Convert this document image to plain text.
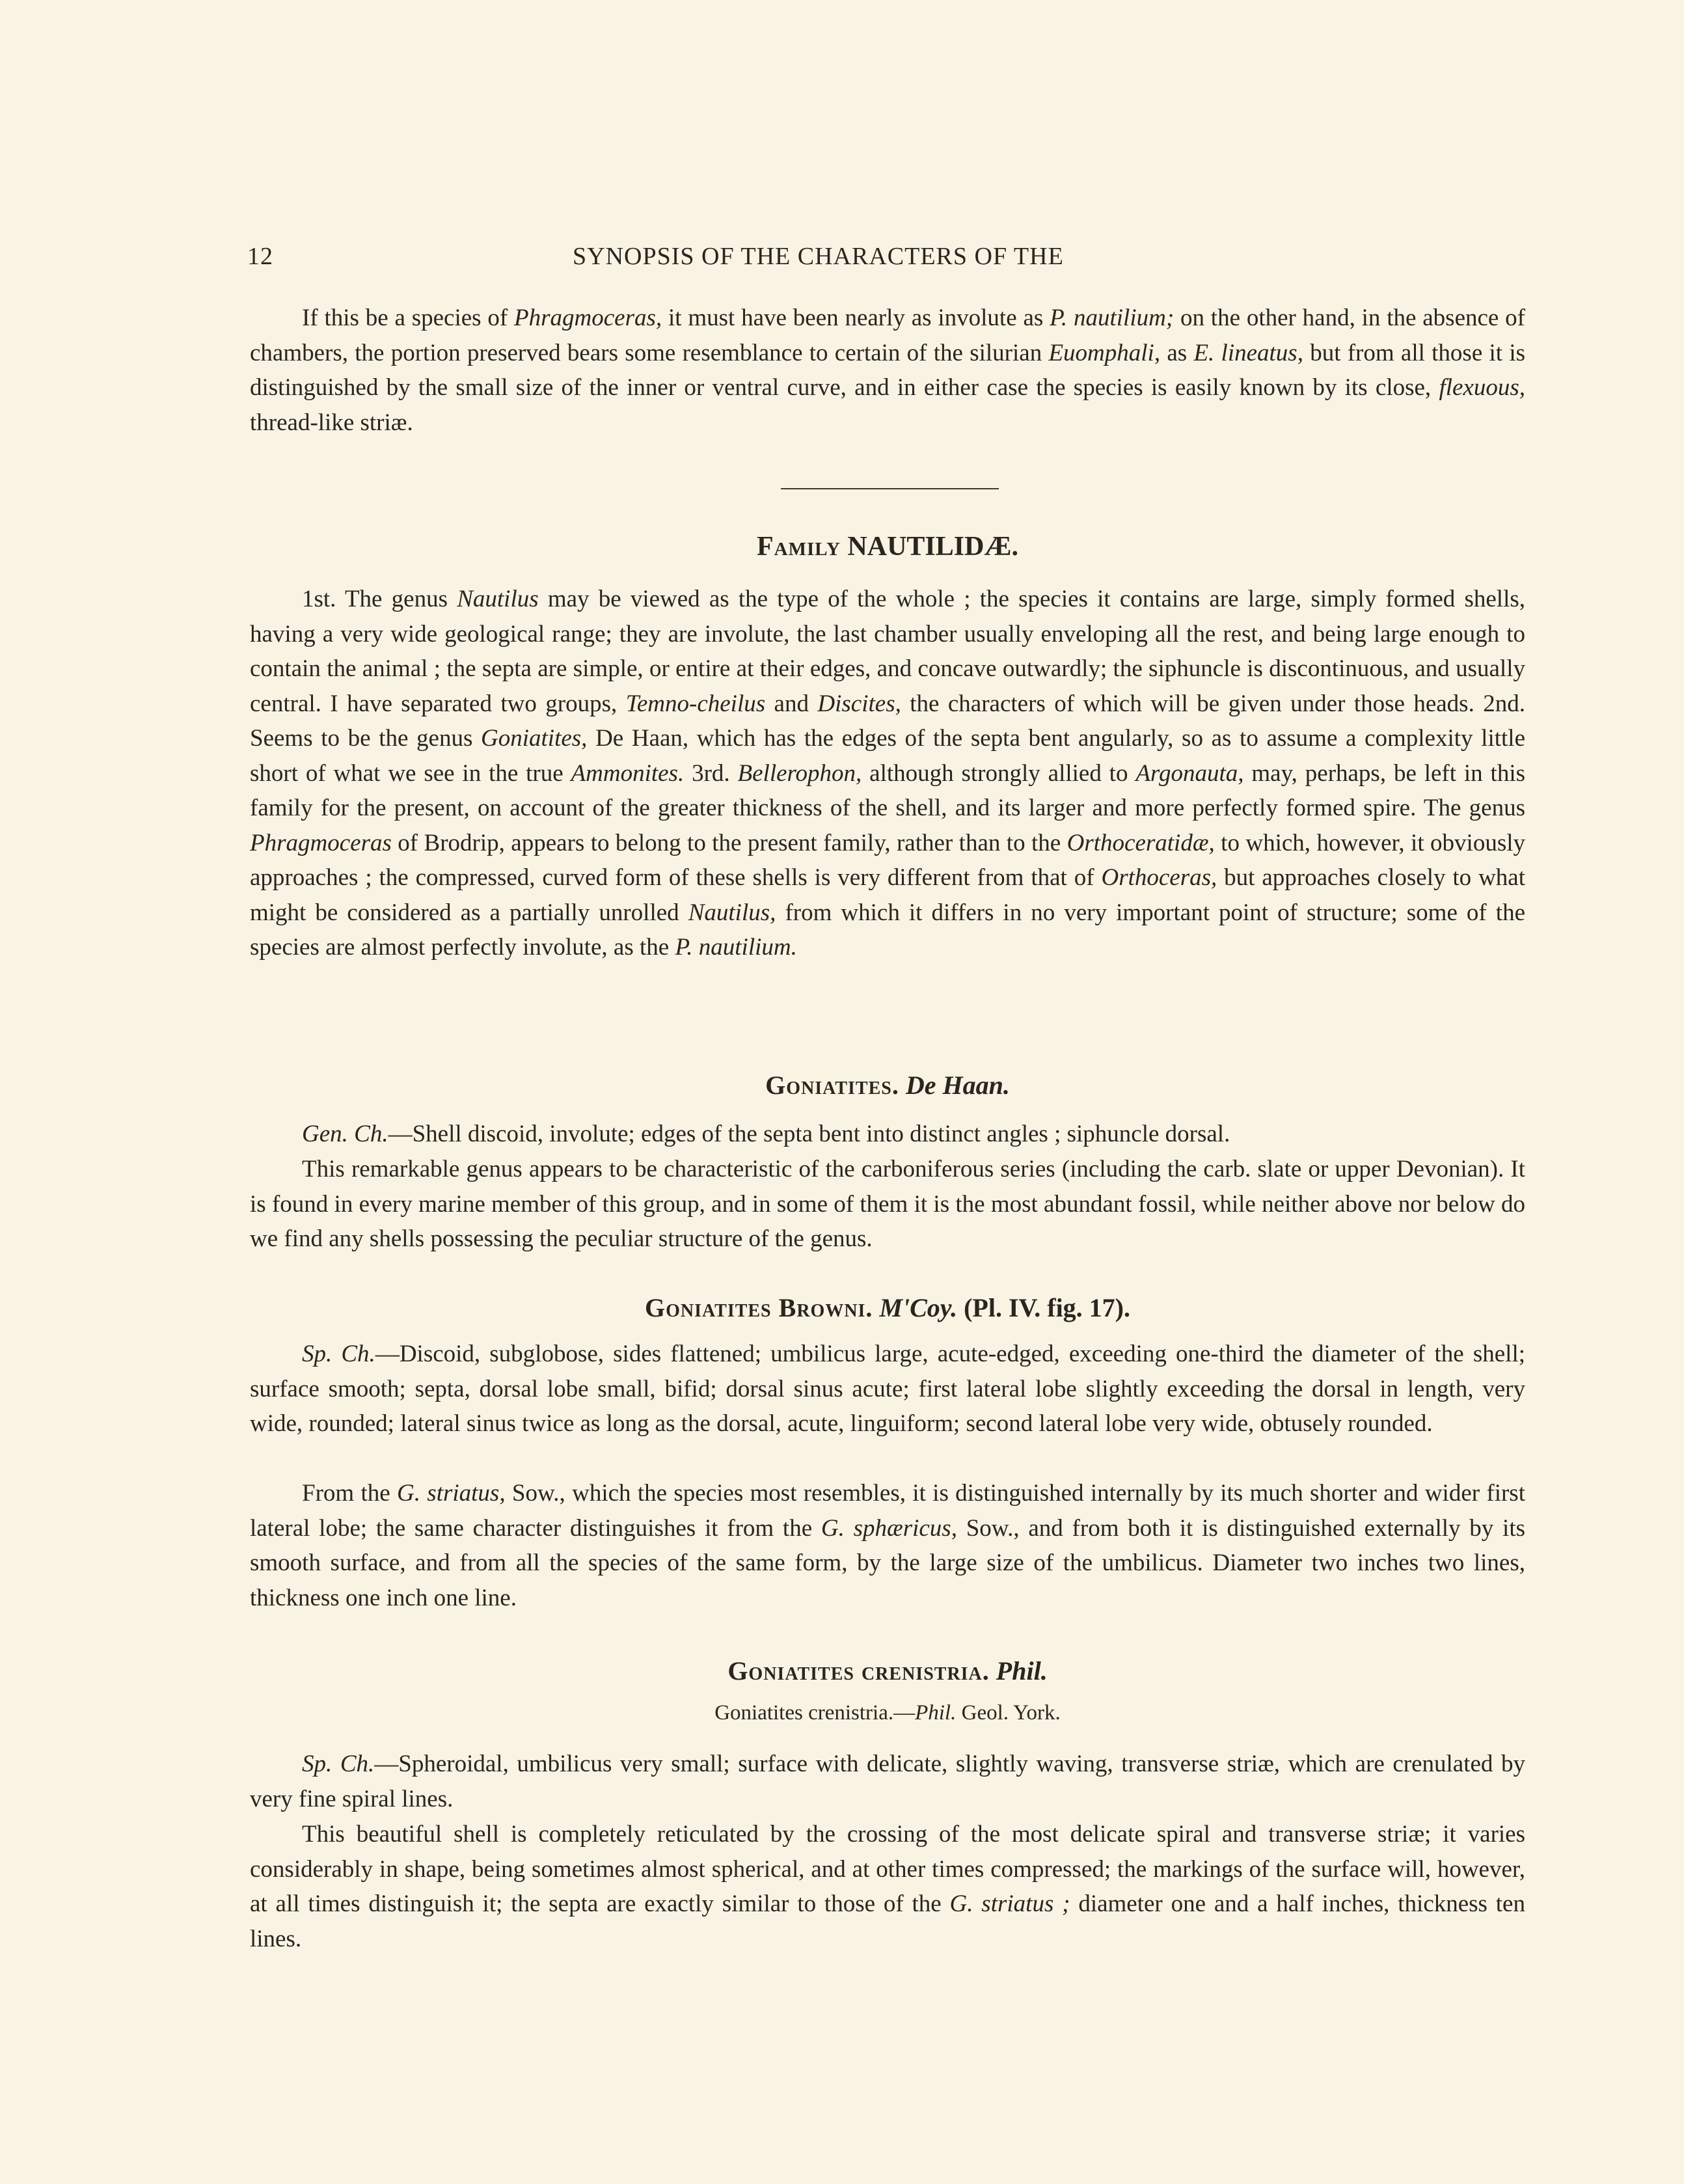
12	SYNOPSIS OF THE CHARACTERS OF THE

If this be a species of Phragmoceras, it must have been nearly as involute as P. nautilium; on the other hand, in the absence of chambers, the portion preserved bears some resemblance to certain of the silurian Euomphali, as E. lineatus, but from all those it is distinguished by the small size of the inner or ventral curve, and in either case the species is easily known by its close, flexuous, thread-like striæ.

Family NAUTILIDÆ.

1st. The genus Nautilus may be viewed as the type of the whole ; the species it contains are large, simply formed shells, having a very wide geological range; they are involute, the last chamber usually enveloping all the rest, and being large enough to contain the animal ; the septa are simple, or entire at their edges, and concave outwardly; the siphuncle is discontinuous, and usually central. I have separated two groups, Temno-cheilus and Discites, the characters of which will be given under those heads. 2nd. Seems to be the genus Goniatites, De Haan, which has the edges of the septa bent angularly, so as to assume a complexity little short of what we see in the true Ammonites. 3rd. Bellerophon, although strongly allied to Argonauta, may, perhaps, be left in this family for the present, on account of the greater thickness of the shell, and its larger and more perfectly formed spire. The genus Phragmoceras of Brodrip, appears to belong to the present family, rather than to the Orthoceratidæ, to which, however, it obviously approaches ; the compressed, curved form of these shells is very different from that of Orthoceras, but approaches closely to what might be considered as a partially unrolled Nautilus, from which it differs in no very important point of structure; some of the species are almost perfectly involute, as the P. nautilium.

Goniatites. De Haan.

Gen. Ch.—Shell discoid, involute; edges of the septa bent into distinct angles ; siphuncle dorsal.

This remarkable genus appears to be characteristic of the carboniferous series (including the carb. slate or upper Devonian). It is found in every marine member of this group, and in some of them it is the most abundant fossil, while neither above nor below do we find any shells possessing the peculiar structure of the genus.

Goniatites Browni. M'Coy. (Pl. IV. fig. 17).

Sp. Ch.—Discoid, subglobose, sides flattened; umbilicus large, acute-edged, exceeding one-third the diameter of the shell; surface smooth; septa, dorsal lobe small, bifid; dorsal sinus acute; first lateral lobe slightly exceeding the dorsal in length, very wide, rounded; lateral sinus twice as long as the dorsal, acute, linguiform; second lateral lobe very wide, obtusely rounded.

From the G. striatus, Sow., which the species most resembles, it is distinguished internally by its much shorter and wider first lateral lobe; the same character distinguishes it from the G. sphæricus, Sow., and from both it is distinguished externally by its smooth surface, and from all the species of the same form, by the large size of the umbilicus. Diameter two inches two lines, thickness one inch one line.

Goniatites crenistria. Phil.

Goniatites crenistria.—Phil. Geol. York.

Sp. Ch.—Spheroidal, umbilicus very small; surface with delicate, slightly waving, transverse striæ, which are crenulated by very fine spiral lines.

This beautiful shell is completely reticulated by the crossing of the most delicate spiral and transverse striæ; it varies considerably in shape, being sometimes almost spherical, and at other times compressed; the markings of the surface will, however, at all times distinguish it; the septa are exactly similar to those of the G. striatus ; diameter one and a half inches, thickness ten lines.
